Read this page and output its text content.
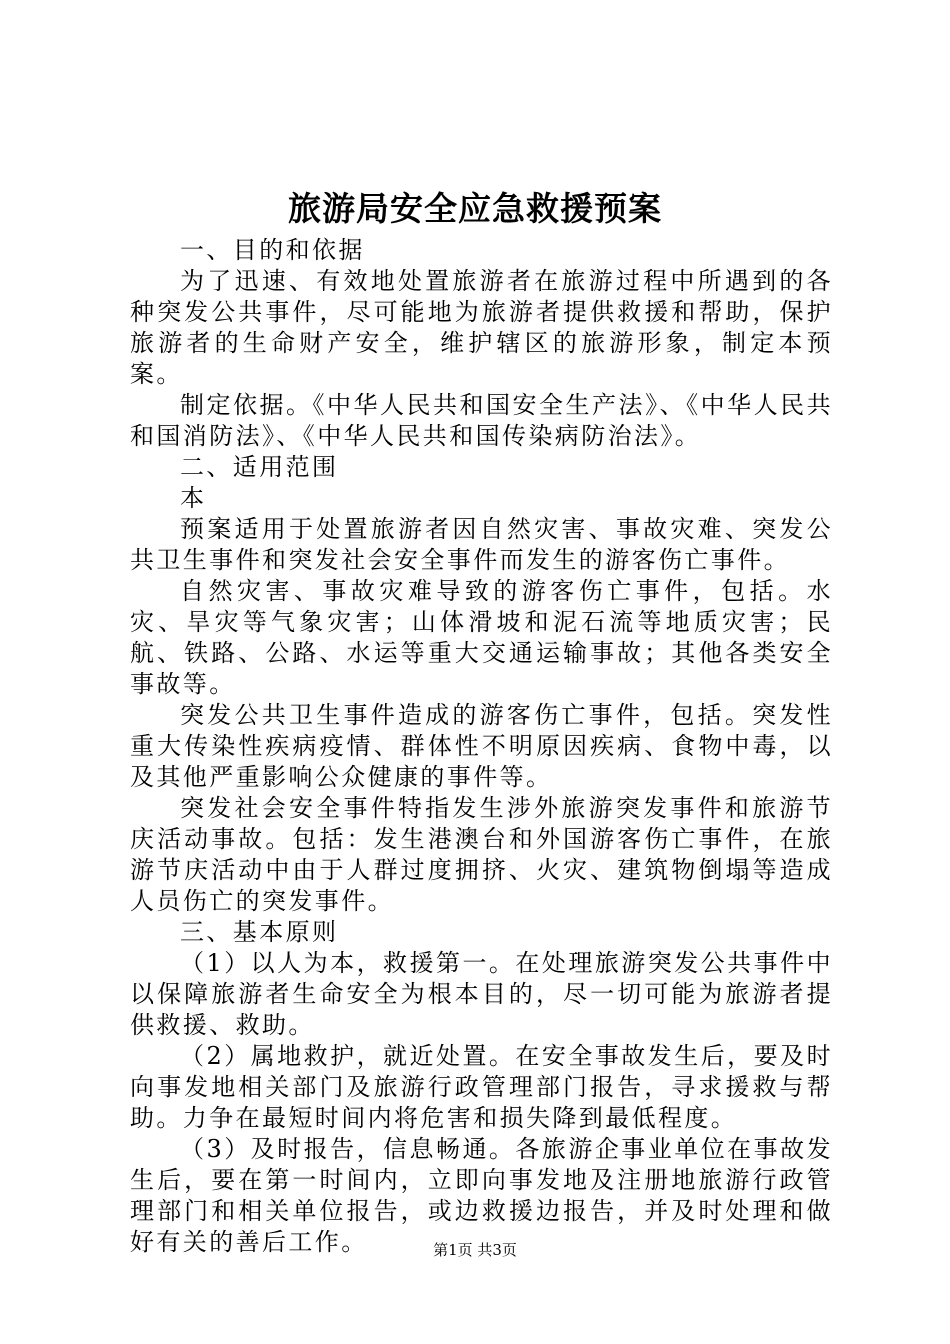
旅游局安全应急救援预案

一、目的和依据

为了迅速、有效地处置旅游者在旅游过程中所遇到的各种突发公共事件，尽可能地为旅游者提供救援和帮助，保护旅游者的生命财产安全，维护辖区的旅游形象，制定本预案。

制定依据。《中华人民共和国安全生产法》、《中华人民共和国消防法》、《中华人民共和国传染病防治法》。

二、适用范围

本

预案适用于处置旅游者因自然灾害、事故灾难、突发公共卫生事件和突发社会安全事件而发生的游客伤亡事件。

自然灾害、事故灾难导致的游客伤亡事件，包括。水灾、旱灾等气象灾害；山体滑坡和泥石流等地质灾害；民航、铁路、公路、水运等重大交通运输事故；其他各类安全事故等。

突发公共卫生事件造成的游客伤亡事件，包括。突发性重大传染性疾病疫情、群体性不明原因疾病、食物中毒，以及其他严重影响公众健康的事件等。

突发社会安全事件特指发生涉外旅游突发事件和旅游节庆活动事故。包括：发生港澳台和外国游客伤亡事件，在旅游节庆活动中由于人群过度拥挤、火灾、建筑物倒塌等造成人员伤亡的突发事件。

三、基本原则

（1）以人为本，救援第一。在处理旅游突发公共事件中以保障旅游者生命安全为根本目的，尽一切可能为旅游者提供救援、救助。

（2）属地救护，就近处置。在安全事故发生后，要及时向事发地相关部门及旅游行政管理部门报告，寻求援救与帮助。力争在最短时间内将危害和损失降到最低程度。

（3）及时报告，信息畅通。各旅游企事业单位在事故发生后，要在第一时间内，立即向事发地及注册地旅游行政管理部门和相关单位报告，或边救援边报告，并及时处理和做好有关的善后工作。	第1页 共3页
